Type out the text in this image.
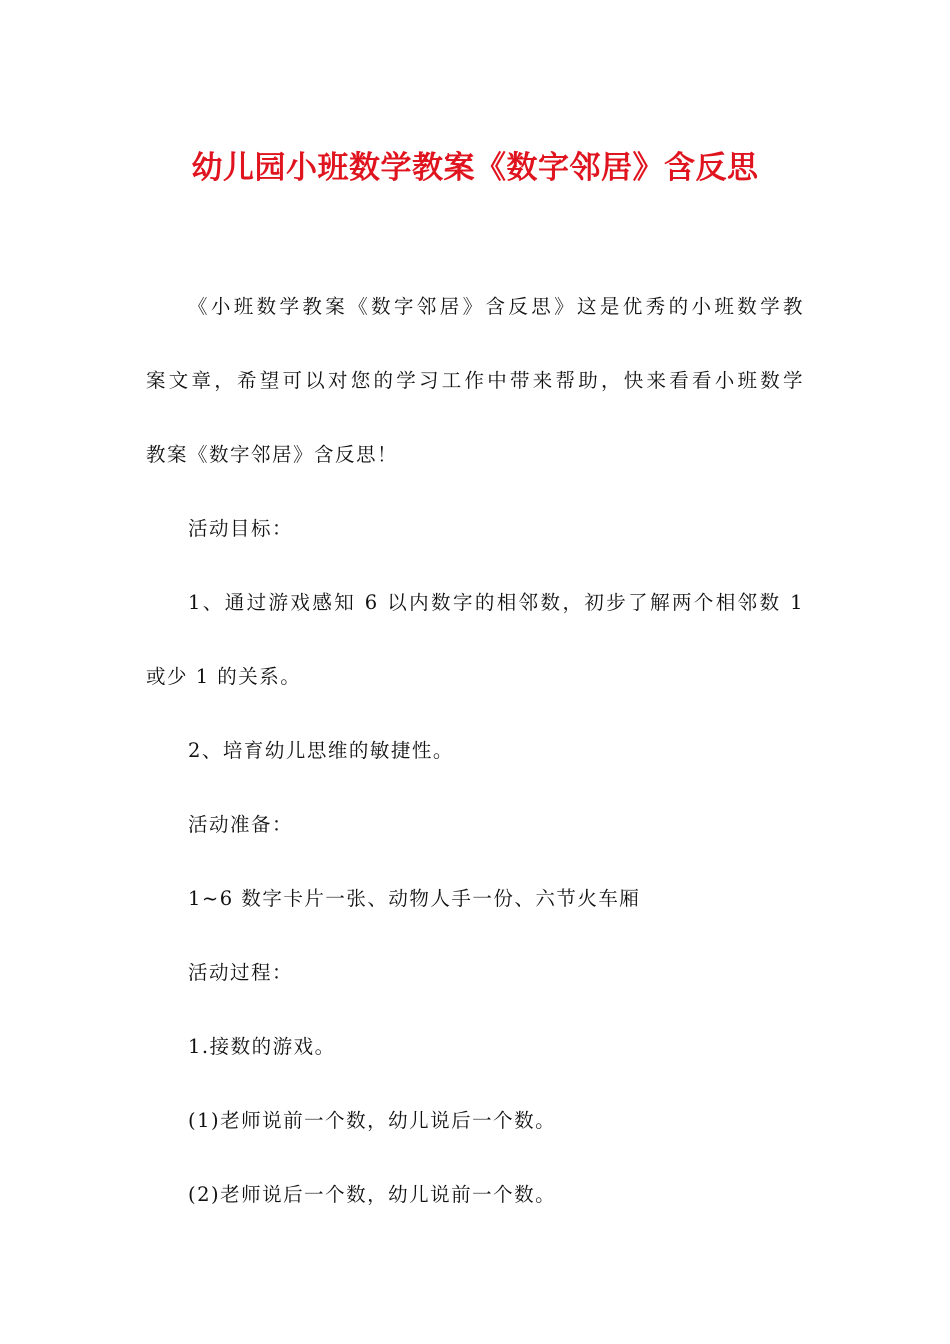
幼儿园小班数学教案《数字邻居》含反思

《小班数学教案《数字邻居》含反思》这是优秀的小班数学教

案文章，希望可以对您的学习工作中带来帮助，快来看看小班数学

教案《数字邻居》含反思！

活动目标：

1、通过游戏感知 6 以内数字的相邻数，初步了解两个相邻数 1

或少 1 的关系。

2、培育幼儿思维的敏捷性。

活动准备：

1~6 数字卡片一张、动物人手一份、六节火车厢

活动过程：

1.接数的游戏。

(1)老师说前一个数，幼儿说后一个数。

(2)老师说后一个数，幼儿说前一个数。
